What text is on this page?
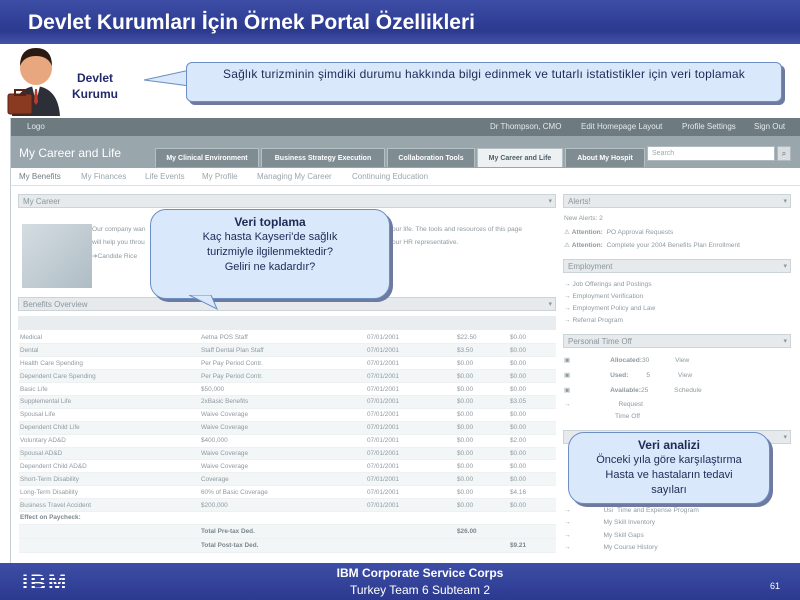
Devlet Kurumları İçin Örnek Portal Özellikleri
Devlet
Kurumu
Sağlık turizminin şimdiki durumu hakkında bilgi edinmek ve tutarlı istatistikler için veri toplamak
Logo	Dr Thompson, CMO Edit Homepage Layout Profile Settings Sign Out
My Career and Life	My Clinical Environment	Business Strategy Execution	Collaboration Tools	My Career and Life	About My Hospit
Search	⌕
My Benefits	My Finances Life Events My Profile Managing My Career	Continuing Education
My Career	▾
Our company wan
will help you throu
our life. The tools and resources of this page
our HR representative.
➔Candide Rice
Benefits Overview	▾
Medical	Aetna POS Staff	07/01/2001	$22.50	$0.00
Dental	Staff Dental Plan Staff	07/01/2001	$3.50	$0.00
Health Care Spending	Per Pay Period Contr.	07/01/2001	$0.00	$0.00
Dependent Care Spending	Per Pay Period Contr.	07/01/2001	$0.00	$0.00
Basic Life	$50,000	07/01/2001	$0.00	$0.00
Supplemental Life	2xBasic Benefits	07/01/2001	$0.00	$3.05
Spousal Life	Waive Coverage	07/01/2001	$0.00	$0.00
Dependent Child Life	Waive Coverage	07/01/2001	$0.00	$0.00
Voluntary AD&D	$400,000	07/01/2001	$0.00	$2.00
Spousal AD&D	Waive Coverage	07/01/2001	$0.00	$0.00
Dependent Child AD&D	Waive Coverage	07/01/2001	$0.00	$0.00
Short-Term Disability	Coverage	07/01/2001	$0.00	$0.00
Long-Term Disability	60% of Basic Coverage	07/01/2001	$0.00	$4.16
Business Travel Accident	$200,000	07/01/2001	$0.00	$0.00
Effect on Paycheck:				
	Total Pre-tax Ded.		$26.00	
	Total Post-tax Ded.			$9.21
Alerts!	▾
New Alerts: 2
⚠ Attention: PO Approval Requests
⚠ Attention: Complete your 2004 Benefits Plan Enrollment
Employment	▾
→ Job Offerings and Postings
→ Employment Verification
→ Employment Policy and Law
→ Referral Program
Personal Time Off	▾
▣	Allocated:30	View
▣	Used:	5	View
▣	Available:25	Schedule
→	Request
Time Off
▾
→	Usi Time and Expense Program
→	My Skill Inventory
→	My Skill Gaps
→	My Course History
Veri toplama
Kaç hasta Kayseri'de sağlık
turizmiyle ilgilenmektedir?
Geliri ne kadardır?
Veri analizi
Önceki yıla göre karşılaştırma
Hasta ve hastaların tedavi
sayıları
IBM	IBM Corporate Service Corps
Turkey Team 6 Subteam 2	61
